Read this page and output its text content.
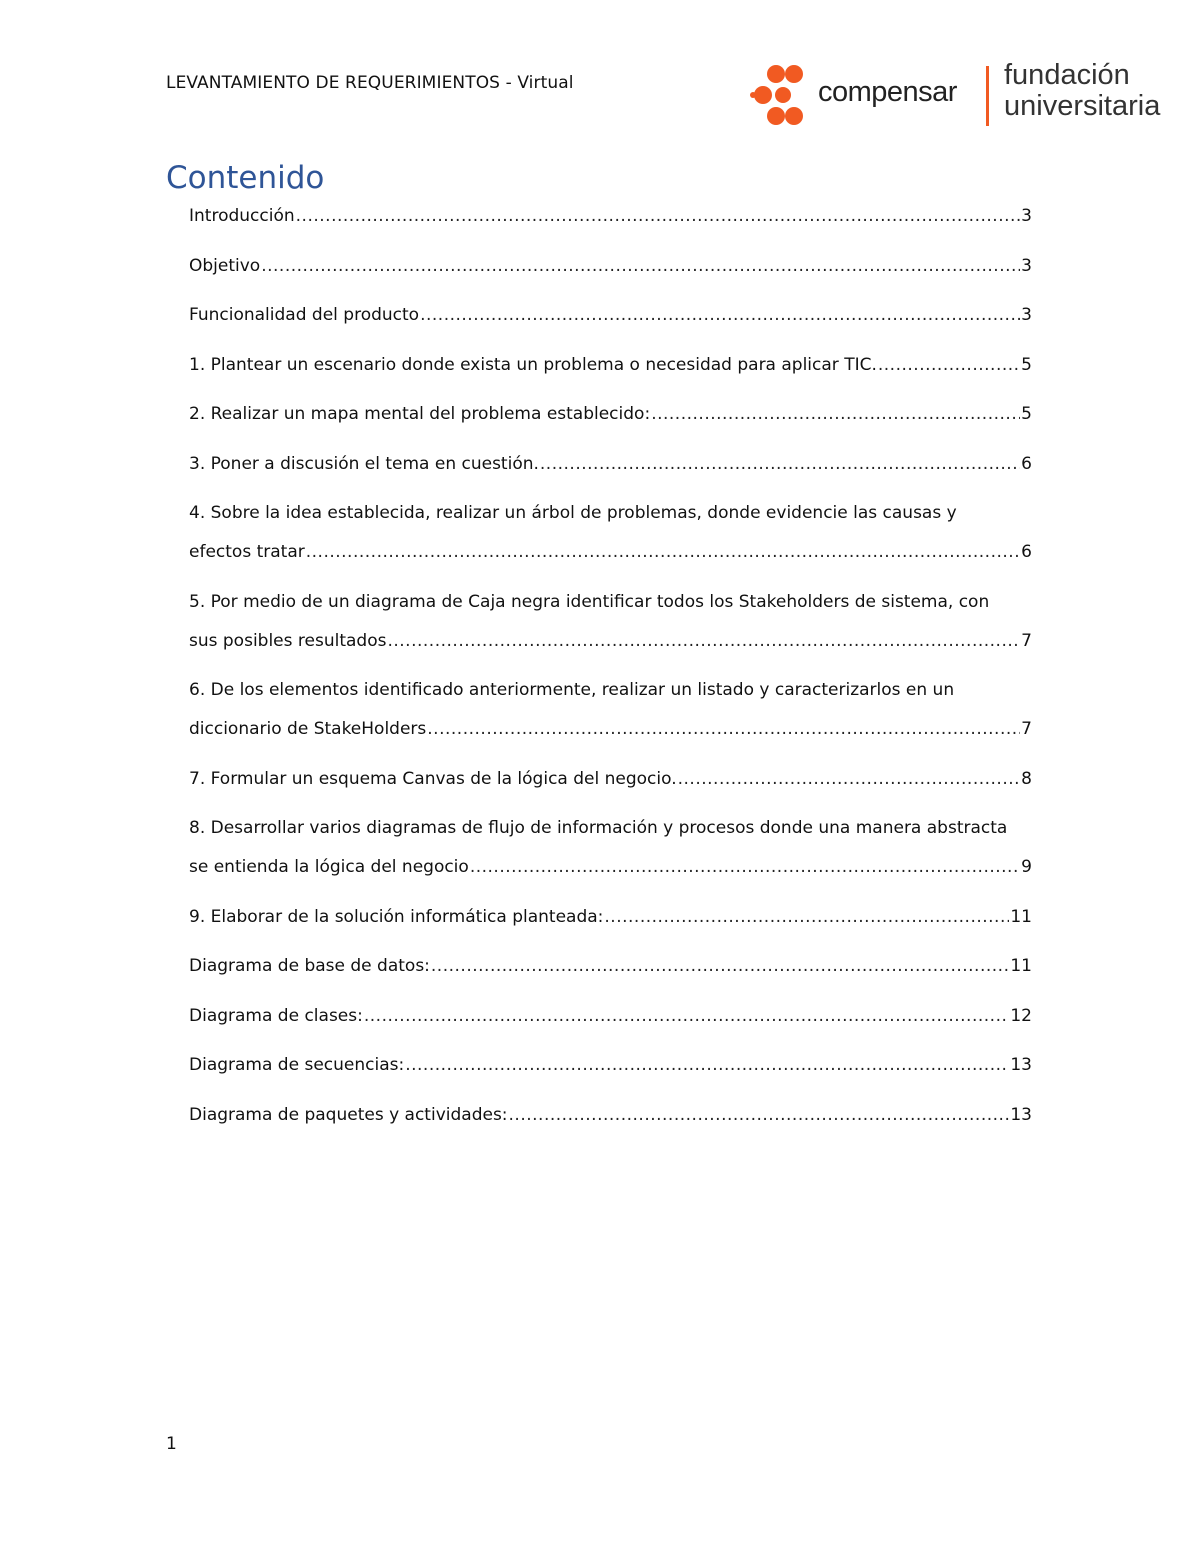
LEVANTAMIENTO DE REQUERIMIENTOS - Virtual	compensar
fundación
universitaria
Contenido
Introducción .....	3
Objetivo .....	3
Funcionalidad del producto .....	3
1. Plantear un escenario donde exista un problema o necesidad para aplicar TIC. .....	5
2. Realizar un mapa mental del problema establecido: .....	5
3. Poner a discusión el tema en cuestión. .....	6
4. Sobre la idea establecida, realizar un árbol de problemas, donde evidencie las causas y
efectos tratar .....	6
5. Por medio de un diagrama de Caja negra identificar todos los Stakeholders de sistema, con
sus posibles resultados .....	7
6. De los elementos identificado anteriormente, realizar un listado y caracterizarlos en un
diccionario de StakeHolders .....	7
7. Formular un esquema Canvas de la lógica del negocio. .....	8
8. Desarrollar varios diagramas de flujo de información y procesos donde una manera abstracta
se entienda la lógica del negocio .....	9
9. Elaborar de la solución informática planteada: .....	11
Diagrama de base de datos: .....	11
Diagrama de clases: .....	12
Diagrama de secuencias: .....	13
Diagrama de paquetes y actividades: .....	13
1
